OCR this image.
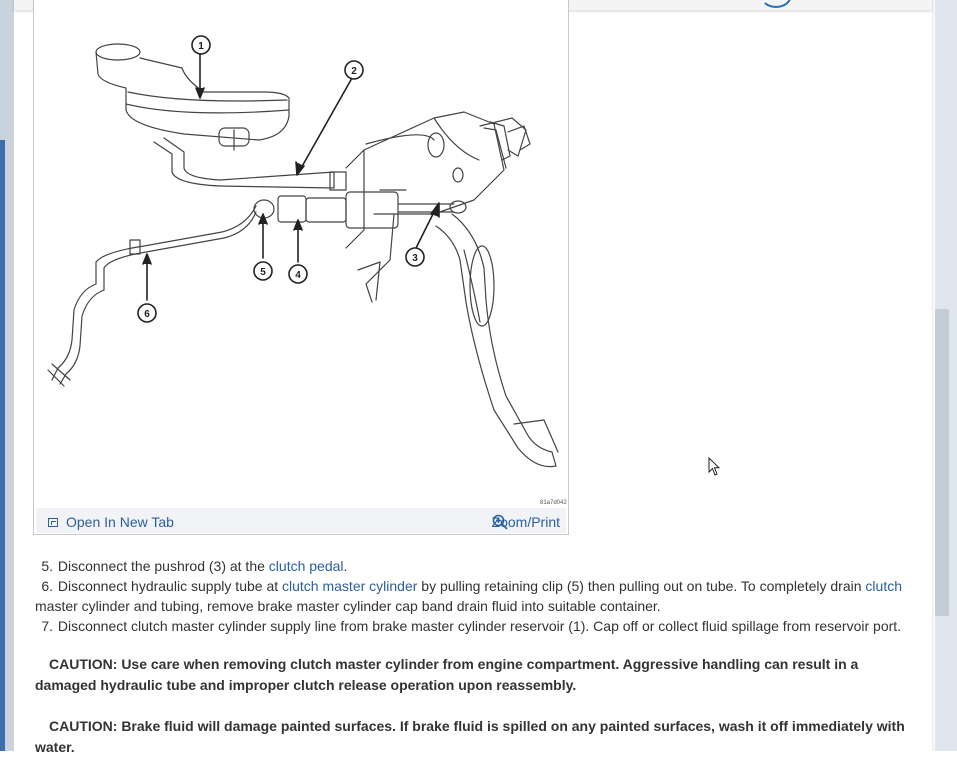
1
2
3
4
5
6
81a7d042
Open In New Tab	Zoom/Print

5. Disconnect the pushrod (3) at the clutch pedal.

6. Disconnect hydraulic supply tube at clutch master cylinder by pulling retaining clip (5) then pulling out on tube. To completely drain clutch master cylinder and tubing, remove brake master cylinder cap band drain fluid into suitable container.

7. Disconnect clutch master cylinder supply line from brake master cylinder reservoir (1). Cap off or collect fluid spillage from reservoir port.

CAUTION: Use care when removing clutch master cylinder from engine compartment. Aggressive handling can result in a damaged hydraulic tube and improper clutch release operation upon reassembly.
CAUTION: Brake fluid will damage painted surfaces. If brake fluid is spilled on any painted surfaces, wash it off immediately with water.
